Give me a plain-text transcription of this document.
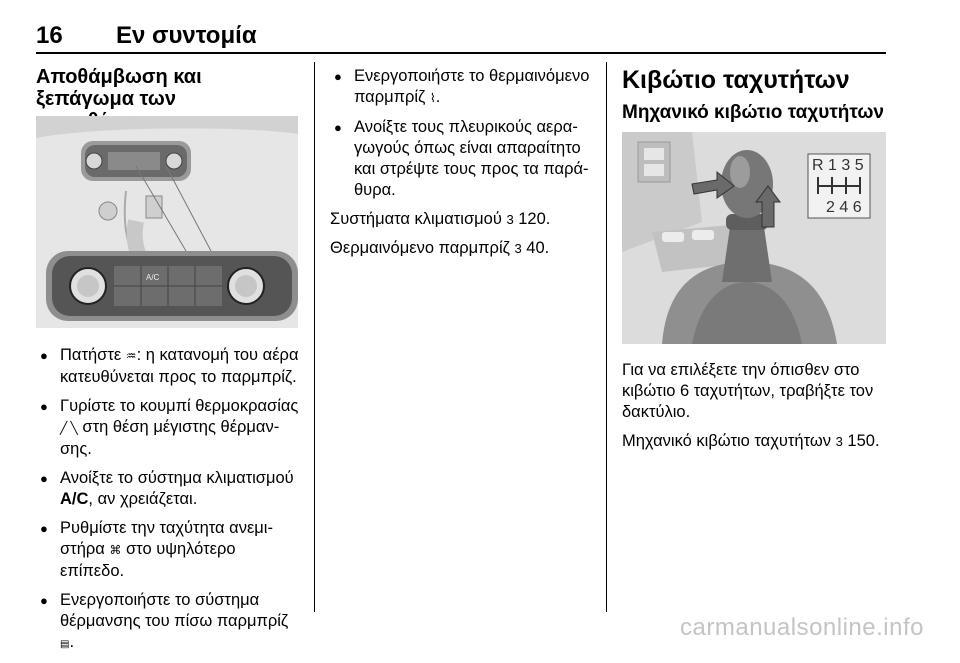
16 Εν συντομία
Αποθάμβωση και ξεπάγωμα των
A/C
● Πατήστε ♒: η κατανομή του αέρα
κατευθύνεται προς το παρμπρίζ.
● Γυρίστε το κουμπί θερμοκρασίας
╱ ╲ στη θέση μέγιστης θέρμαν-
σης.
● Ανοίξτε το σύστημα κλιματισμού
A/C, αν χρειάζεται.
● Ρυθμίστε την ταχύτητα ανεμι-
στήρα ⌘ στο υψηλότερο επίπεδο.
● Ενεργοποιήστε το σύστημα
θέρμανσης του πίσω παρμπρίζ
▤.
● Ενεργοποιήστε το θερμαινόμενο
παρμπρίζ ⌇.
● Ανοίξτε τους πλευρικούς αερα-
γωγούς όπως είναι απαραίτητο
και στρέψτε τους προς τα παρά-
θυρα.

Συστήματα κλιματισμού 3 120.

Θερμαινόμενο παρμπρίζ 3 40.

Κιβώτιο ταχυτήτων
Μηχανικό κιβώτιο ταχυτήτων
R 1 3 5
2 4 6

Για να επιλέξετε την όπισθεν στο
κιβώτιο 6 ταχυτήτων, τραβήξτε τον
δακτύλιο.

Μηχανικό κιβώτιο ταχυτήτων 3 150.

carmanualsonline.info
